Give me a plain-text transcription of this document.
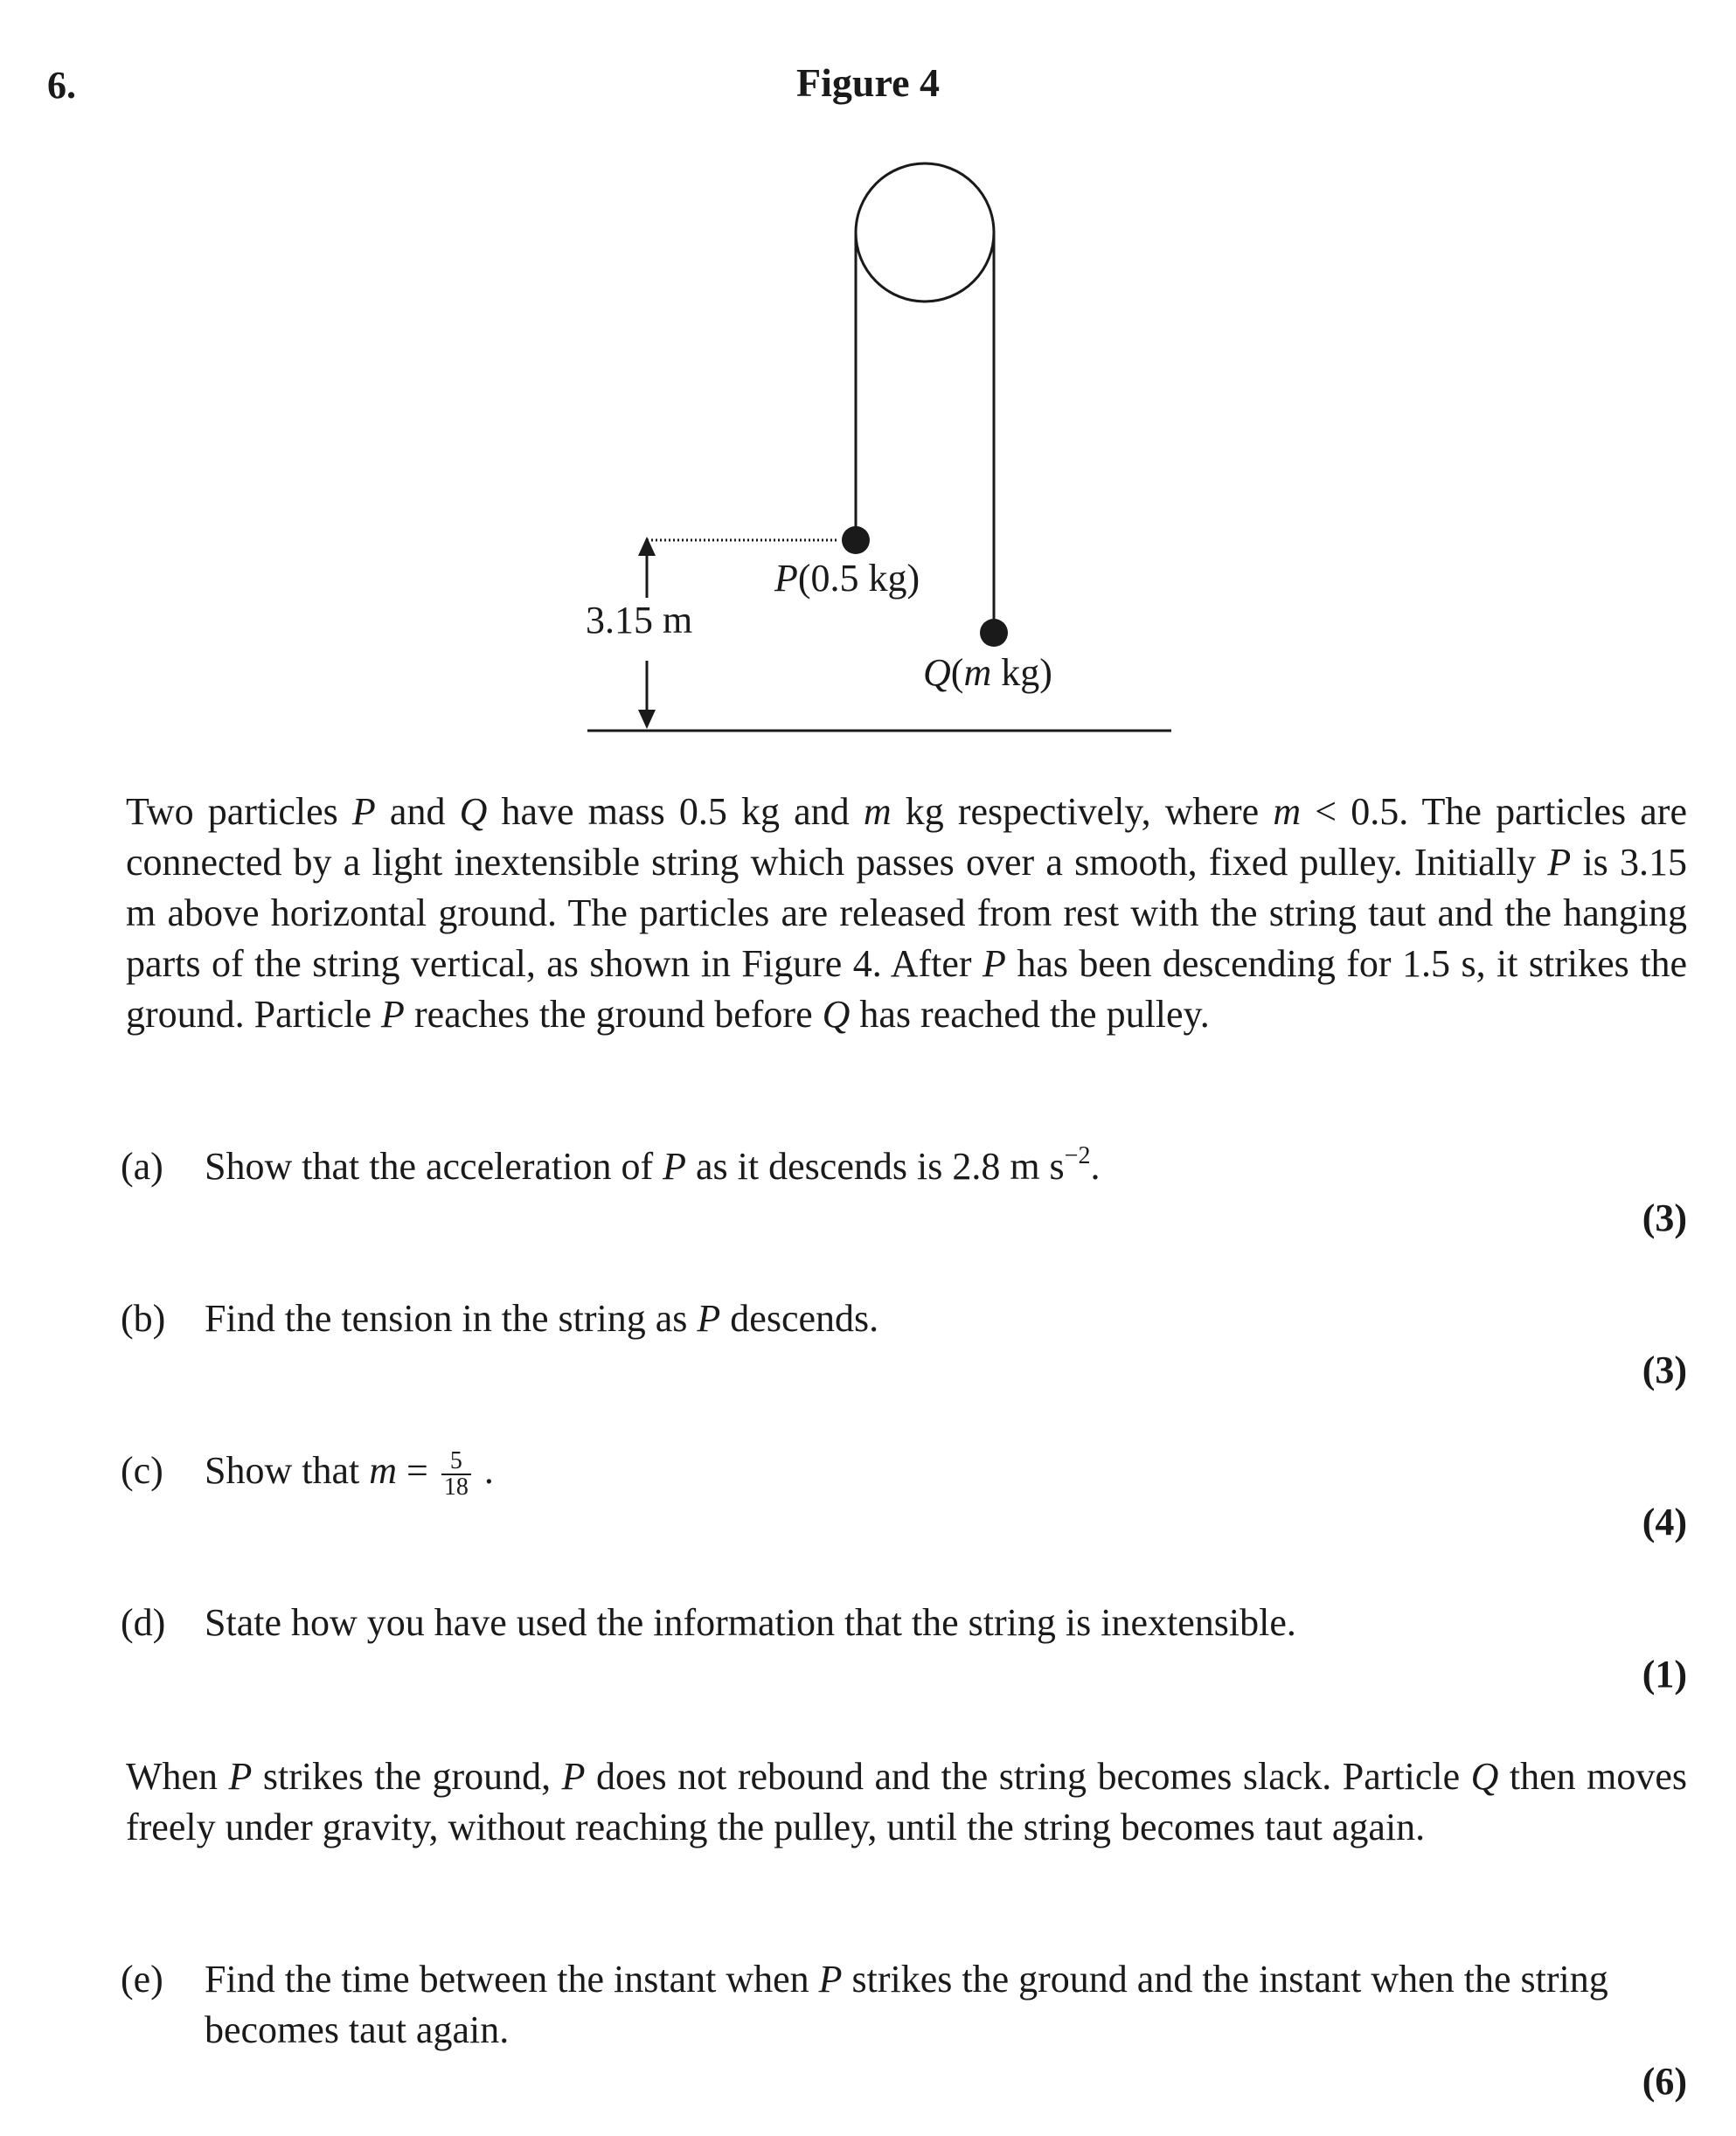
6.	Figure 4
3.15 m
P(0.5 kg)
Q(m kg)
Two particles P and Q have mass 0.5 kg and m kg respectively, where m < 0.5. The particles are connected by a light inextensible string which passes over a smooth, fixed pulley. Initially P is 3.15 m above horizontal ground. The particles are released from rest with the string taut and the hanging parts of the string vertical, as shown in Figure 4. After P has been descending for 1.5 s, it strikes the ground. Particle P reaches the ground before Q has reached the pulley.
(a) Show that the acceleration of P as it descends is 2.8 m $s^{-2}$.
(3)
(b) Find the tension in the string as P descends.
(3)
(c) Show that $m = \frac{5}{18}$ .
(4)
(d) State how you have used the information that the string is inextensible.
(1)
When P strikes the ground, P does not rebound and the string becomes slack. Particle Q then moves freely under gravity, without reaching the pulley, until the string becomes taut again.
(e) Find the time between the instant when P strikes the ground and the instant when the string becomes taut again.
(6)
